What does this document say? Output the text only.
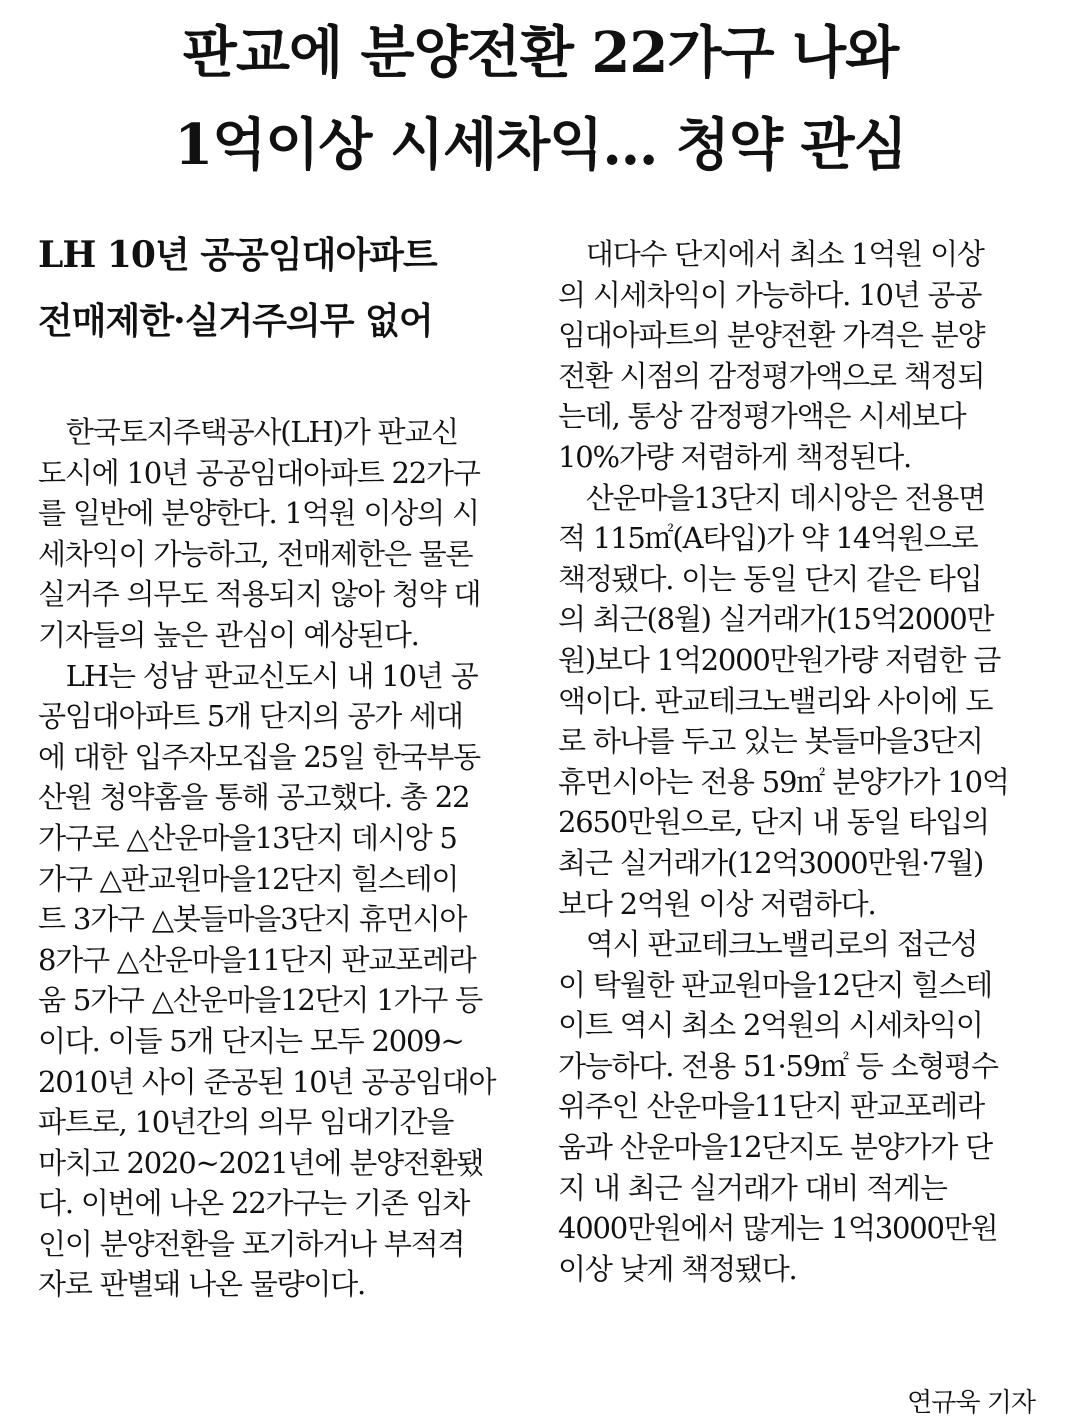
판교에 분양전환 22가구 나와
1억이상 시세차익… 청약 관심
LH 10년 공공임대아파트
전매제한·실거주의무 없어
　한국토지주택공사(LH)가 판교신
도시에 10년 공공임대아파트 22가구
를 일반에 분양한다. 1억원 이상의 시
세차익이 가능하고, 전매제한은 물론
실거주 의무도 적용되지 않아 청약 대
기자들의 높은 관심이 예상된다.
　LH는 성남 판교신도시 내 10년 공
공임대아파트 5개 단지의 공가 세대
에 대한 입주자모집을 25일 한국부동
산원 청약홈을 통해 공고했다. 총 22
가구로 △산운마을13단지 데시앙 5
가구 △판교원마을12단지 힐스테이
트 3가구 △봇들마을3단지 휴먼시아
8가구 △산운마을11단지 판교포레라
움 5가구 △산운마을12단지 1가구 등
이다. 이들 5개 단지는 모두 2009~
2010년 사이 준공된 10년 공공임대아
파트로, 10년간의 의무 임대기간을
마치고 2020~2021년에 분양전환됐
다. 이번에 나온 22가구는 기존 임차
인이 분양전환을 포기하거나 부적격
자로 판별돼 나온 물량이다.
　대다수 단지에서 최소 1억원 이상
의 시세차익이 가능하다. 10년 공공
임대아파트의 분양전환 가격은 분양
전환 시점의 감정평가액으로 책정되
는데, 통상 감정평가액은 시세보다
10%가량 저렴하게 책정된다.
　산운마을13단지 데시앙은 전용면
적 115㎡(A타입)가 약 14억원으로
책정됐다. 이는 동일 단지 같은 타입
의 최근(8월) 실거래가(15억2000만
원)보다 1억2000만원가량 저렴한 금
액이다. 판교테크노밸리와 사이에 도
로 하나를 두고 있는 봇들마을3단지
휴먼시아는 전용 59㎡ 분양가가 10억
2650만원으로, 단지 내 동일 타입의
최근 실거래가(12억3000만원·7월)
보다 2억원 이상 저렴하다.
　역시 판교테크노밸리로의 접근성
이 탁월한 판교원마을12단지 힐스테
이트 역시 최소 2억원의 시세차익이
가능하다. 전용 51·59㎡ 등 소형평수
위주인 산운마을11단지 판교포레라
움과 산운마을12단지도 분양가가 단
지 내 최근 실거래가 대비 적게는
4000만원에서 많게는 1억3000만원
이상 낮게 책정됐다.
연규욱 기자
